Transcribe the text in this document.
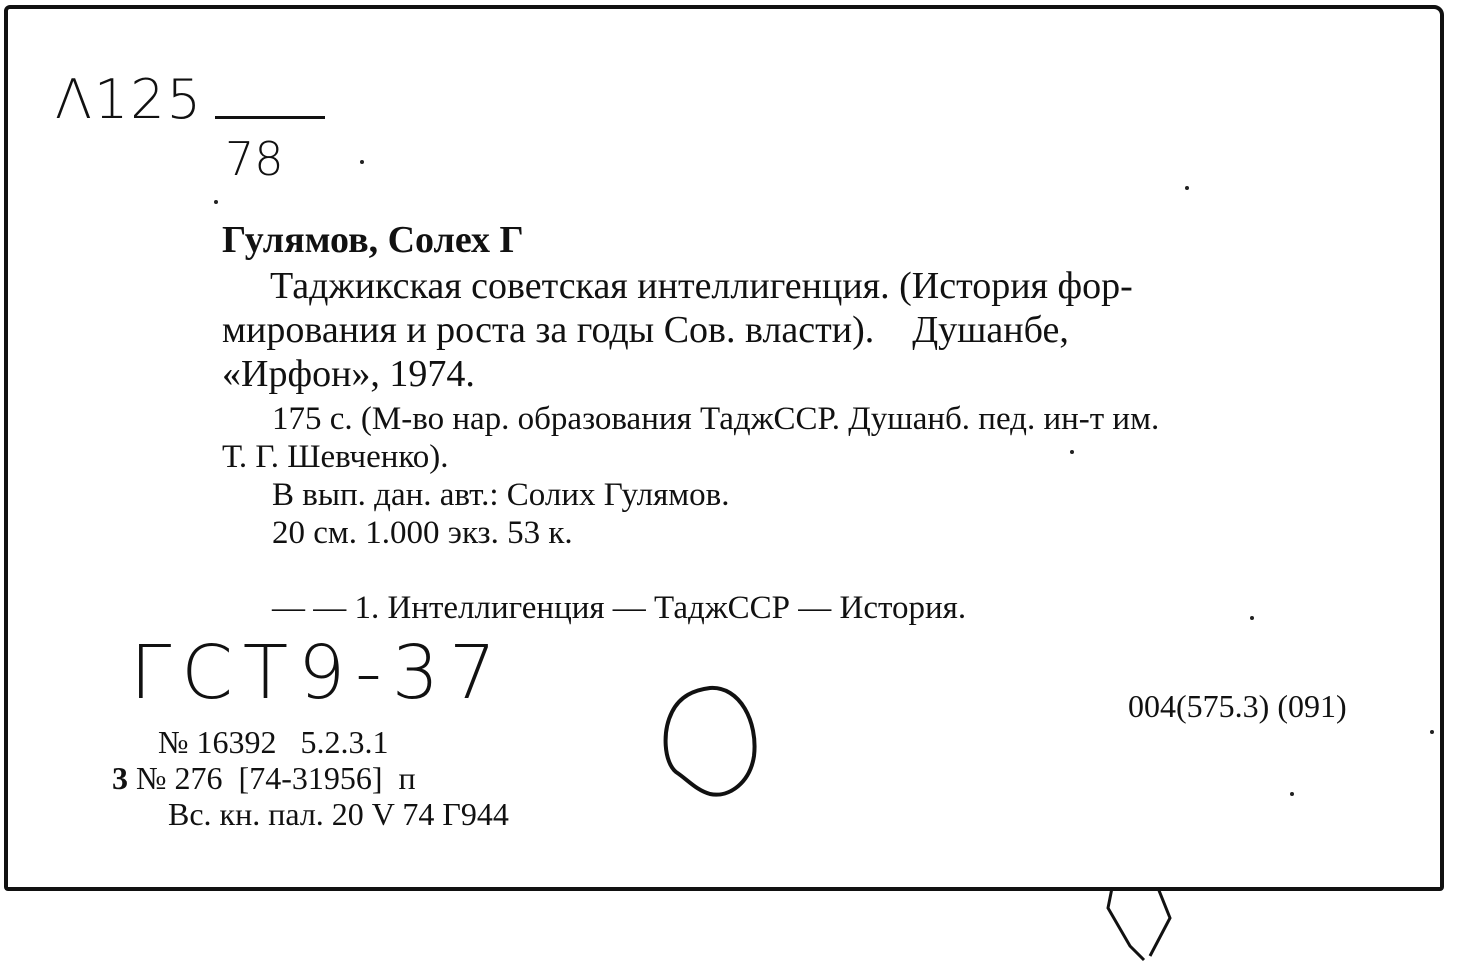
Λ125
78

Гулямов, Солех Г

Таджикская советская интеллигенция. (История фор-
мирования и роста за годы Сов. власти).    Душанбе,
«Ирфон», 1974.

175 с. (М-во нар. образования ТаджССР. Душанб. пед. ин-т им.

Т. Г. Шевченко).

В вып. дан. авт.: Солих Гулямов.

20 см. 1.000 экз. 53 к.

— — 1. Интеллигенция — ТаджССР — История.
ГСТ9-37	004(575.3) (091)

№ 16392   5.2.3.1

3 № 276  [74-31956]  п

Вс. кн. пал. 20 V 74 Г944
